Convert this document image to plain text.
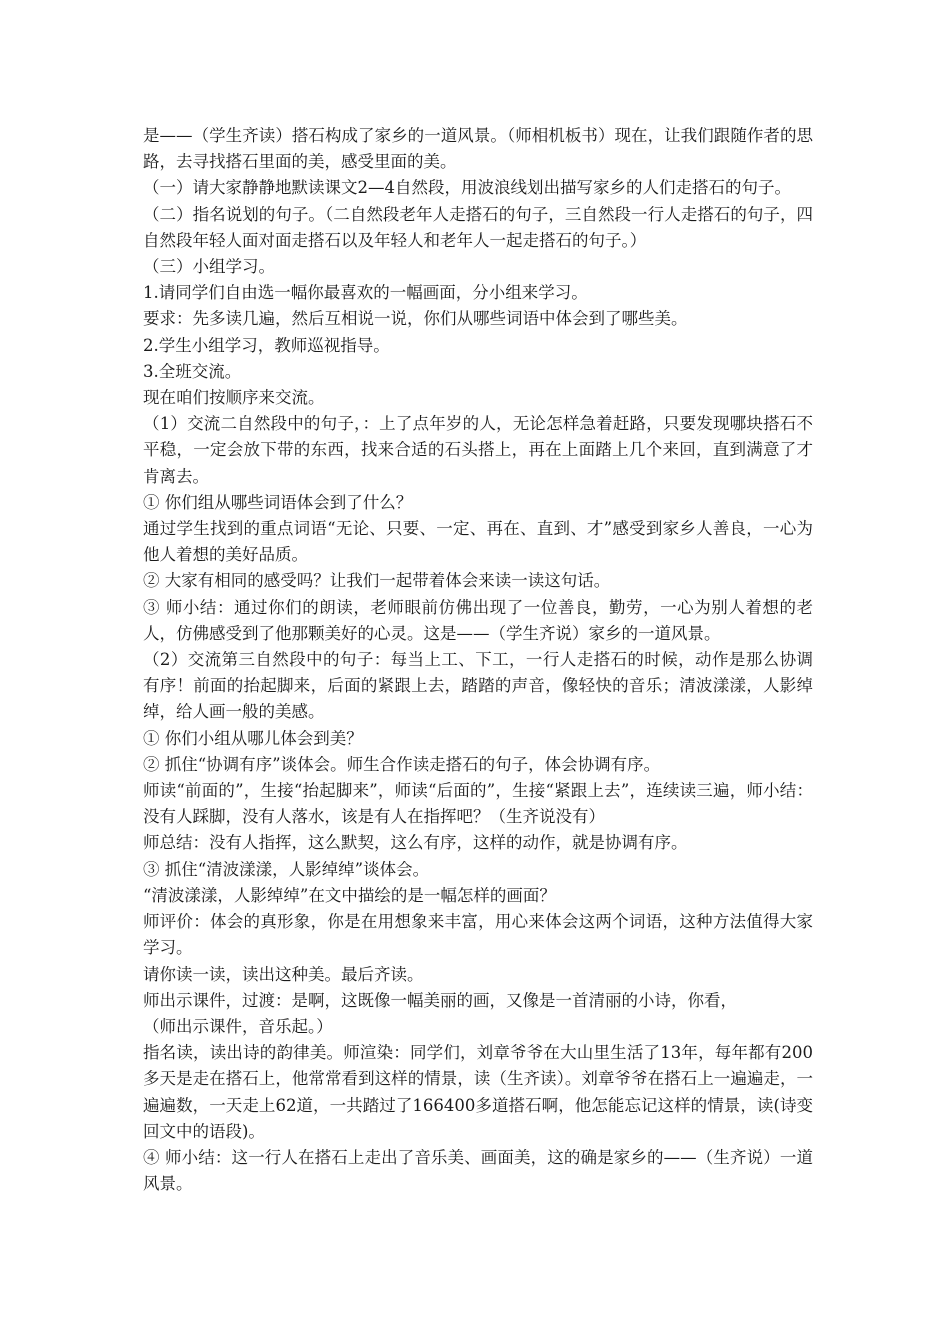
是——（学生齐读）搭石构成了家乡的一道风景。（师相机板书）现在，让我们跟随作者的思路，去寻找搭石里面的美，感受里面的美。

（一）请大家静静地默读课文2—4自然段，用波浪线划出描写家乡的人们走搭石的句子。

（二）指名说划的句子。（二自然段老年人走搭石的句子，三自然段一行人走搭石的句子，四自然段年轻人面对面走搭石以及年轻人和老年人一起走搭石的句子。）

（三）小组学习。

1.请同学们自由选一幅你最喜欢的一幅画面，分小组来学习。

要求：先多读几遍，然后互相说一说，你们从哪些词语中体会到了哪些美。

2.学生小组学习，教师巡视指导。

3.全班交流。

现在咱们按顺序来交流。

（1）交流二自然段中的句子，：上了点年岁的人，无论怎样急着赶路，只要发现哪块搭石不平稳，一定会放下带的东西，找来合适的石头搭上，再在上面踏上几个来回，直到满意了才肯离去。

① 你们组从哪些词语体会到了什么？

通过学生找到的重点词语“无论、只要、一定、再在、直到、才”感受到家乡人善良，一心为他人着想的美好品质。

② 大家有相同的感受吗？让我们一起带着体会来读一读这句话。

③ 师小结：通过你们的朗读，老师眼前仿佛出现了一位善良，勤劳，一心为别人着想的老人，仿佛感受到了他那颗美好的心灵。这是——（学生齐说）家乡的一道风景。

（2）交流第三自然段中的句子：每当上工、下工，一行人走搭石的时候，动作是那么协调有序！前面的抬起脚来，后面的紧跟上去，踏踏的声音，像轻快的音乐；清波漾漾，人影绰绰，给人画一般的美感。

① 你们小组从哪儿体会到美？

② 抓住“协调有序”谈体会。师生合作读走搭石的句子，体会协调有序。

师读“前面的”，生接“抬起脚来”，师读“后面的”，生接“紧跟上去”，连续读三遍，师小结：没有人踩脚，没有人落水，该是有人在指挥吧？（生齐说没有）

师总结：没有人指挥，这么默契，这么有序，这样的动作，就是协调有序。

③ 抓住“清波漾漾，人影绰绰”谈体会。

“清波漾漾，人影绰绰”在文中描绘的是一幅怎样的画面？

师评价：体会的真形象，你是在用想象来丰富，用心来体会这两个词语，这种方法值得大家学习。

请你读一读，读出这种美。最后齐读。

师出示课件，过渡：是啊，这既像一幅美丽的画，又像是一首清丽的小诗，你看，

（师出示课件，音乐起。）

指名读，读出诗的韵律美。师渲染：同学们，刘章爷爷在大山里生活了13年，每年都有200多天是走在搭石上，他常常看到这样的情景，读（生齐读）。刘章爷爷在搭石上一遍遍走，一遍遍数，一天走上62道，一共踏过了166400多道搭石啊，他怎能忘记这样的情景，读(诗变回文中的语段)。

④ 师小结：这一行人在搭石上走出了音乐美、画面美，这的确是家乡的——（生齐说）一道风景。
